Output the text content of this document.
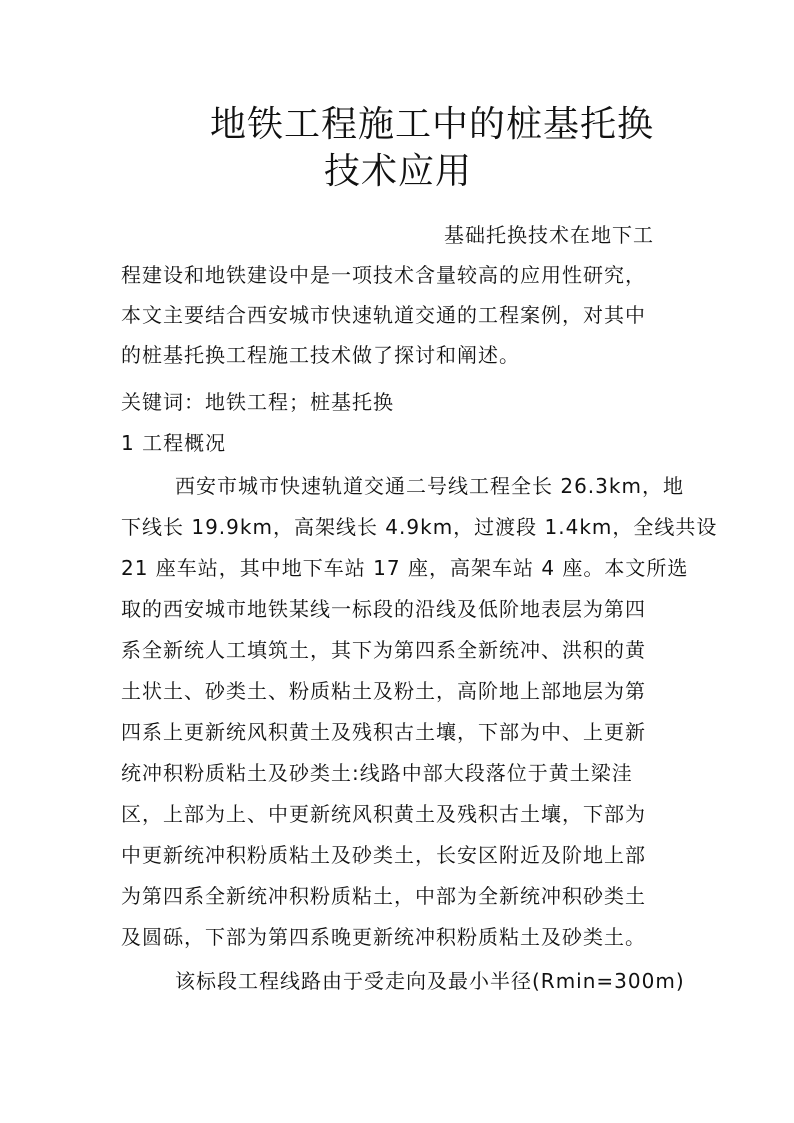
地铁工程施工中的桩基托换
技术应用
基础托换技术在地下工
程建设和地铁建设中是一项技术含量较高的应用性研究，
本文主要结合西安城市快速轨道交通的工程案例，对其中
的桩基托换工程施工技术做了探讨和阐述。
关键词：地铁工程；桩基托换
1 工程概况
西安市城市快速轨道交通二号线工程全长 26.3km，地
下线长 19.9km，高架线长 4.9km，过渡段 1.4km，全线共设
21 座车站，其中地下车站 17 座，高架车站 4 座。本文所选
取的西安城市地铁某线一标段的沿线及低阶地表层为第四
系全新统人工填筑土，其下为第四系全新统冲、洪积的黄
土状土、砂类土、粉质粘土及粉土，高阶地上部地层为第
四系上更新统风积黄土及残积古土壤，下部为中、上更新
统冲积粉质粘土及砂类土:线路中部大段落位于黄土梁洼
区，上部为上、中更新统风积黄土及残积古土壤，下部为
中更新统冲积粉质粘土及砂类土，长安区附近及阶地上部
为第四系全新统冲积粉质粘土，中部为全新统冲积砂类土
及圆砾，下部为第四系晚更新统冲积粉质粘土及砂类土。
该标段工程线路由于受走向及最小半径(Rmin=300m)
